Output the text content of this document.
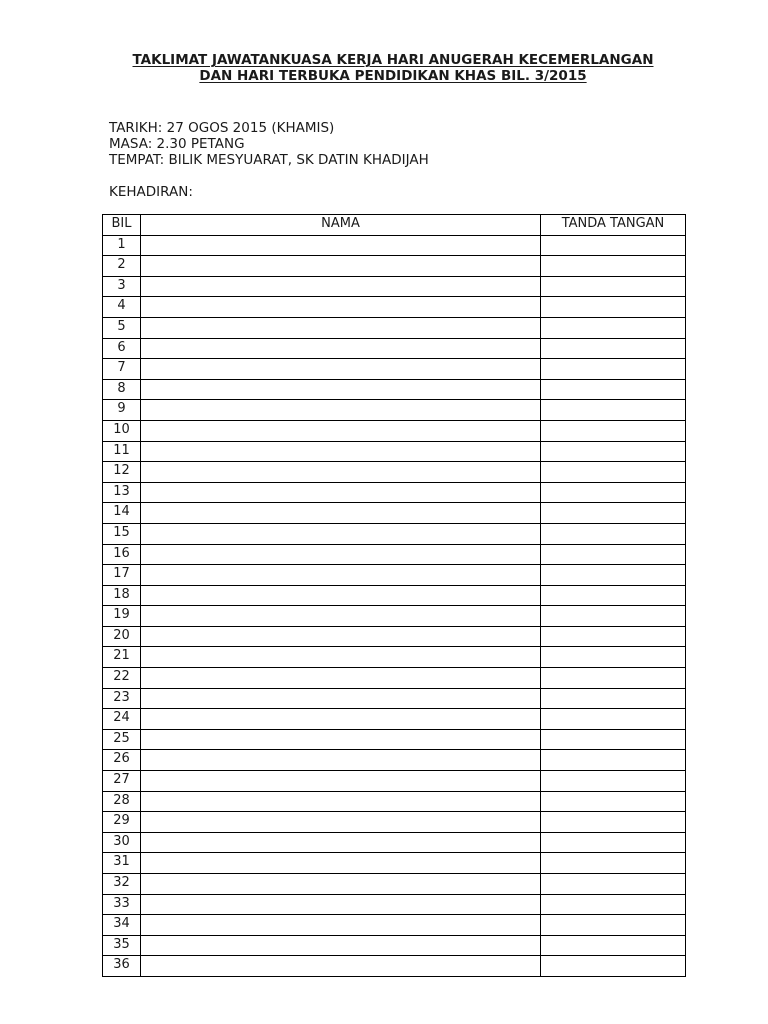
TAKLIMAT JAWATANKUASA KERJA HARI ANUGERAH KECEMERLANGAN

DAN HARI TERBUKA PENDIDIKAN KHAS BIL. 3/2015

TARIKH: 27 OGOS 2015 (KHAMIS)

MASA: 2.30 PETANG

TEMPAT: BILIK MESYUARAT, SK DATIN KHADIJAH

KEHADIRAN:

BIL	NAMA	TANDA TANGAN
1		
2		
3		
4		
5		
6		
7		
8		
9		
10		
11		
12		
13		
14		
15		
16		
17		
18		
19		
20		
21		
22		
23		
24		
25		
26		
27		
28		
29		
30		
31		
32		
33		
34		
35		
36		
